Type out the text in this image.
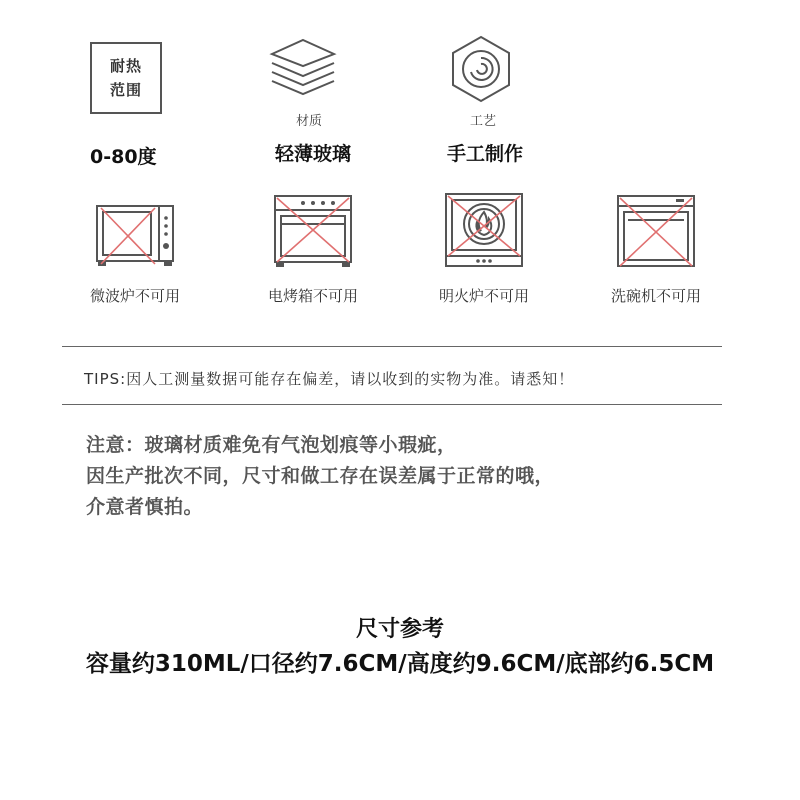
耐热范围
0-80度
材质
轻薄玻璃
工艺
手工制作
微波炉不可用	电烤箱不可用	明火炉不可用	洗碗机不可用
TIPS:因人工测量数据可能存在偏差，请以收到的实物为准。请悉知！
注意：玻璃材质难免有气泡划痕等小瑕疵，
因生产批次不同，尺寸和做工存在误差属于正常的哦，
介意者慎拍。
尺寸参考
容量约310ML/口径约7.6CM/高度约9.6CM/底部约6.5CM
